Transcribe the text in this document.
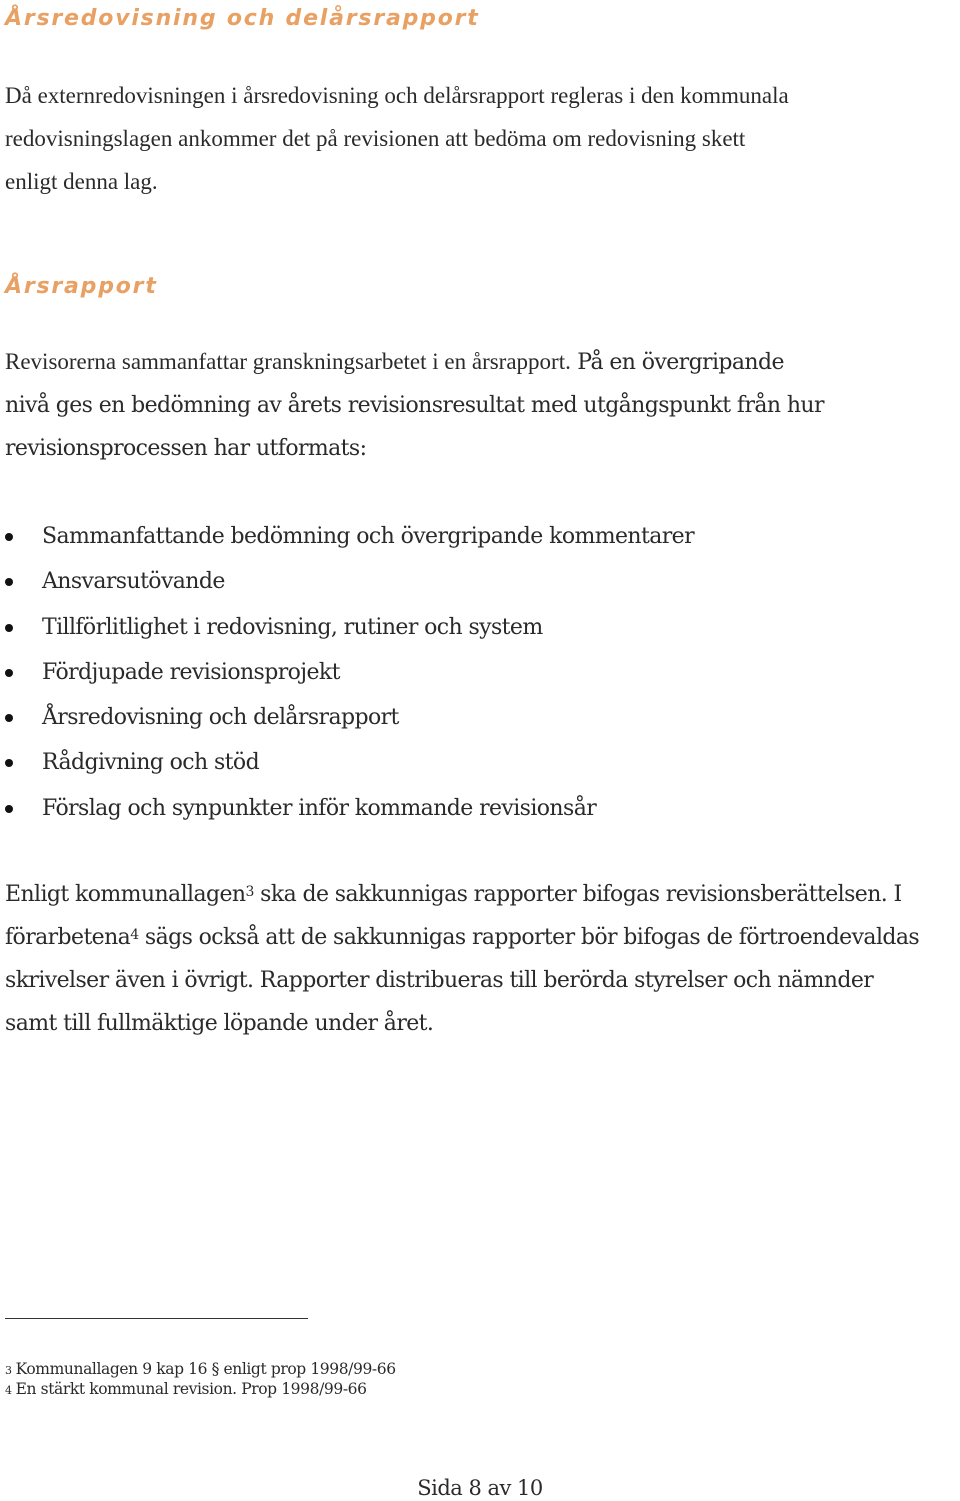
Årsredovisning och delårsrapport

Då externredovisningen i årsredovisning och delårsrapport regleras i den kommunala
redovisningslagen ankommer det på revisionen att bedöma om redovisning skett
enligt denna lag.

Årsrapport

Revisorerna sammanfattar granskningsarbetet i en årsrapport. På en övergripande
nivå ges en bedömning av årets revisionsresultat med utgångspunkt från hur
revisionsprocessen har utformats:

Sammanfattande bedömning och övergripande kommentarer
Ansvarsutövande
Tillförlitlighet i redovisning, rutiner och system
Fördjupade revisionsprojekt
Årsredovisning och delårsrapport
Rådgivning och stöd
Förslag och synpunkter inför kommande revisionsår

Enligt kommunallagen$^3$ ska de sakkunnigas rapporter bifogas revisionsberättelsen. I
förarbetena$^4$ sägs också att de sakkunnigas rapporter bör bifogas de förtroendevaldas
skrivelser även i övrigt. Rapporter distribueras till berörda styrelser och nämnder
samt till fullmäktige löpande under året.

3 Kommunallagen 9 kap 16 § enligt prop 1998/99-66
4 En stärkt kommunal revision. Prop 1998/99-66
Sida 8 av 10
